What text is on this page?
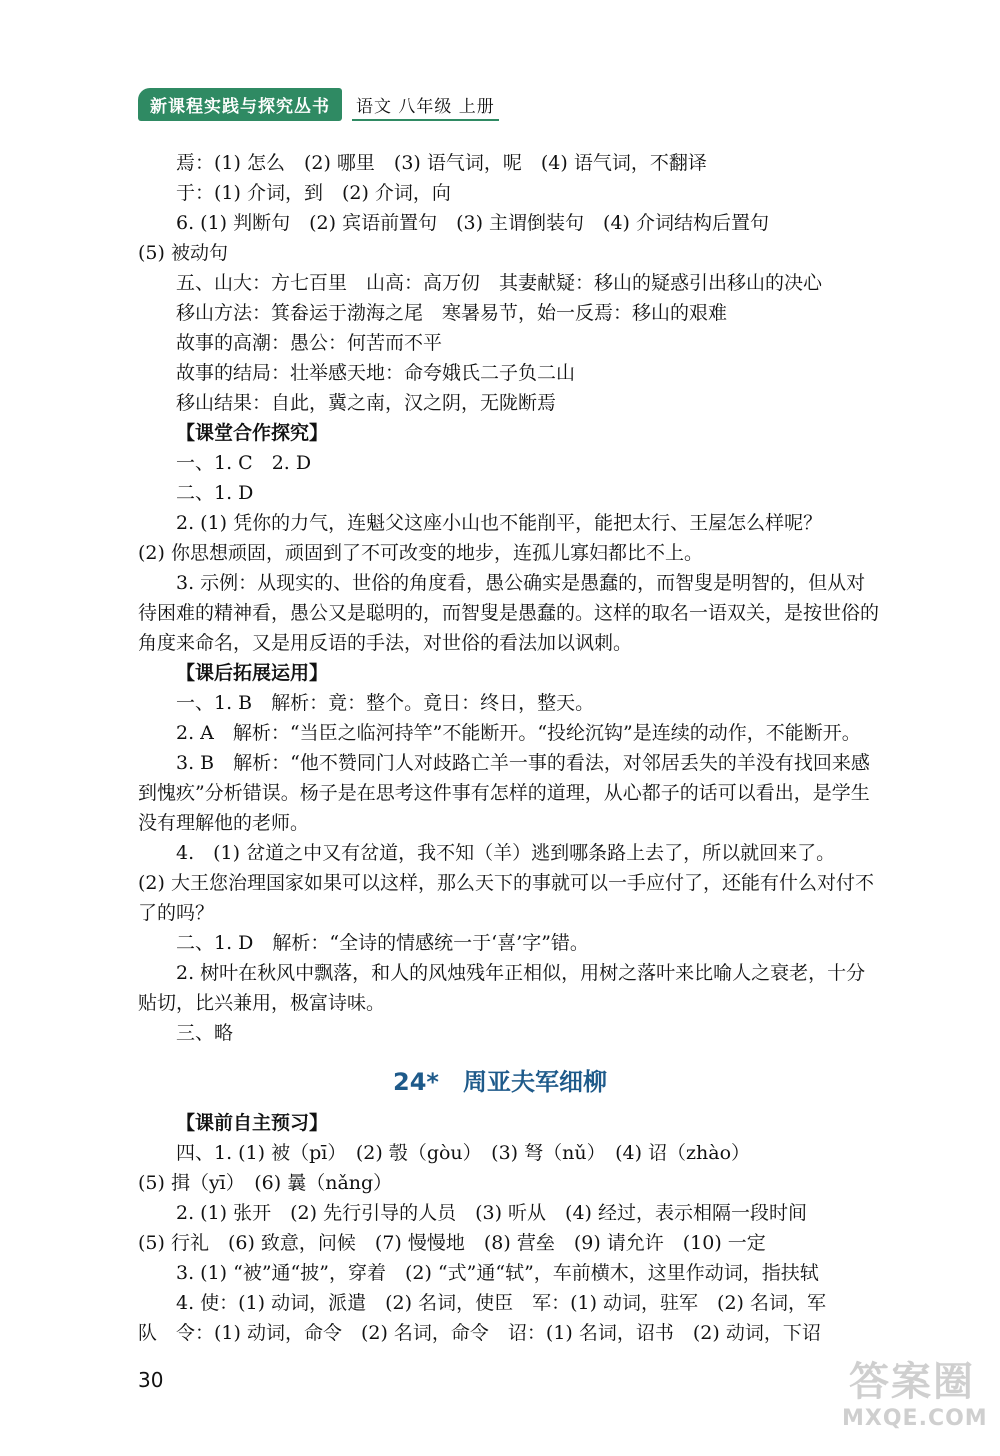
新课程实践与探究丛书	语文 八年级 上册
焉：(1) 怎么　(2) 哪里　(3) 语气词，呢　(4) 语气词，不翻译
于：(1) 介词，到　(2) 介词，向
6. (1) 判断句　(2) 宾语前置句　(3) 主谓倒装句　(4) 介词结构后置句
(5) 被动句
五、山大：方七百里　山高：高万仞　其妻献疑：移山的疑惑引出移山的决心
移山方法：箕畚运于渤海之尾　寒暑易节，始一反焉：移山的艰难
故事的高潮：愚公：何苦而不平
故事的结局：壮举感天地：命夸娥氏二子负二山
移山结果：自此，冀之南，汉之阴，无陇断焉
【课堂合作探究】
一、1. C　2. D
二、1. D
2. (1) 凭你的力气，连魁父这座小山也不能削平，能把太行、王屋怎么样呢？
(2) 你思想顽固，顽固到了不可改变的地步，连孤儿寡妇都比不上。
3. 示例：从现实的、世俗的角度看，愚公确实是愚蠢的，而智叟是明智的，但从对
待困难的精神看，愚公又是聪明的，而智叟是愚蠢的。这样的取名一语双关，是按世俗的
角度来命名，又是用反语的手法，对世俗的看法加以讽刺。
【课后拓展运用】
一、1. B　解析：竟：整个。竟日：终日，整天。
2. A　解析：“当臣之临河持竿”不能断开。“投纶沉钩”是连续的动作，不能断开。
3. B　解析：“他不赞同门人对歧路亡羊一事的看法，对邻居丢失的羊没有找回来感
到愧疚”分析错误。杨子是在思考这件事有怎样的道理，从心都子的话可以看出，是学生
没有理解他的老师。
4.　(1) 岔道之中又有岔道，我不知（羊）逃到哪条路上去了，所以就回来了。
(2) 大王您治理国家如果可以这样，那么天下的事就可以一手应付了，还能有什么对付不
了的吗？
二、1. D　解析：“全诗的情感统一于‘喜’字”错。
2. 树叶在秋风中飘落，和人的风烛残年正相似，用树之落叶来比喻人之衰老，十分
贴切，比兴兼用，极富诗味。
三、略
24*　周亚夫军细柳
【课前自主预习】
四、1. (1) 被（pī）　(2) 彀（gòu）　(3) 弩（nǔ）　(4) 诏（zhào）
(5) 揖（yī）　(6) 曩（nǎng）
2. (1) 张开　(2) 先行引导的人员　(3) 听从　(4) 经过，表示相隔一段时间
(5) 行礼　(6) 致意，问候　(7) 慢慢地　(8) 营垒　(9) 请允许　(10) 一定
3. (1) “被”通“披”，穿着　(2) “式”通“轼”，车前横木，这里作动词，指扶轼
4. 使：(1) 动词，派遣　(2) 名词，使臣　军：(1) 动词，驻军　(2) 名词，军
队　令：(1) 动词，命令　(2) 名词，命令　诏：(1) 名词，诏书　(2) 动词，下诏
30	答案圈
MXQE.COM
